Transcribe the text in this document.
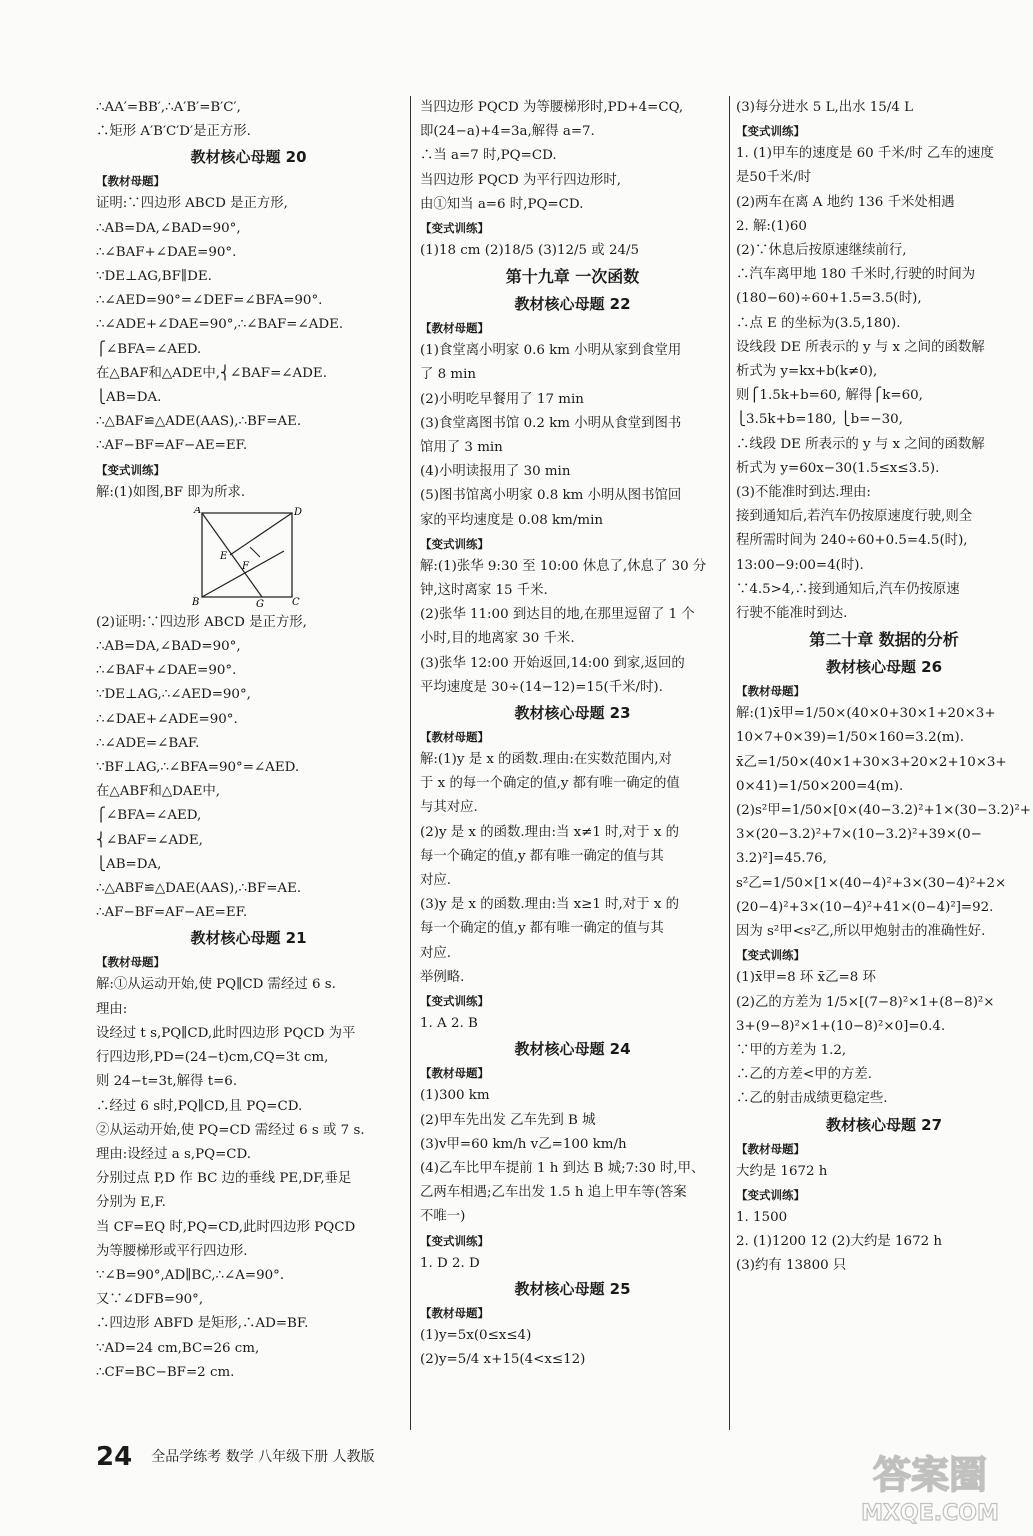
∴AA′=BB′,∴A′B′=B′C′,
∴矩形 A′B′C′D′是正方形.
教材核心母题 20
【教材母题】
证明:∵四边形 ABCD 是正方形,
∴AB=DA,∠BAD=90°,
∴∠BAF+∠DAE=90°.
∵DE⊥AG,BF∥DE.
∴∠AED=90°=∠DEF=∠BFA=90°.
∴∠ADE+∠DAE=90°,∴∠BAF=∠ADE.
⎧∠BFA=∠AED.
在△BAF和△ADE中,⎨∠BAF=∠ADE.
⎩AB=DA.
∴△BAF≌△ADE(AAS),∴BF=AE.
∴AF−BF=AF−AE=EF.
【变式训练】
解:(1)如图,BF 即为所求.
A	D
B	C
E
F
G
(2)证明:∵四边形 ABCD 是正方形,
∴AB=DA,∠BAD=90°,
∴∠BAF+∠DAE=90°.
∵DE⊥AG,∴∠AED=90°,
∴∠DAE+∠ADE=90°.
∴∠ADE=∠BAF.
∵BF⊥AG,∴∠BFA=90°=∠AED.
在△ABF和△DAE中,
⎧∠BFA=∠AED,
⎨∠BAF=∠ADE,
⎩AB=DA,
∴△ABF≌△DAE(AAS),∴BF=AE.
∴AF−BF=AF−AE=EF.
教材核心母题 21
【教材母题】
解:①从运动开始,使 PQ∥CD 需经过 6 s.
理由:
设经过 t s,PQ∥CD,此时四边形 PQCD 为平
行四边形,PD=(24−t)cm,CQ=3t cm,
则 24−t=3t,解得 t=6.
∴经过 6 s时,PQ∥CD,且 PQ=CD.
②从运动开始,使 PQ=CD 需经过 6 s 或 7 s.
理由:设经过 a s,PQ=CD.
分别过点 P,D 作 BC 边的垂线 PE,DF,垂足
分别为 E,F.
当 CF=EQ 时,PQ=CD,此时四边形 PQCD
为等腰梯形或平行四边形.
∵∠B=90°,AD∥BC,∴∠A=90°.
又∵∠DFB=90°,
∴四边形 ABFD 是矩形,∴AD=BF.
∵AD=24 cm,BC=26 cm,
∴CF=BC−BF=2 cm.
当四边形 PQCD 为等腰梯形时,PD+4=CQ,
即(24−a)+4=3a,解得 a=7.
∴当 a=7 时,PQ=CD.
当四边形 PQCD 为平行四边形时,
由①知当 a=6 时,PQ=CD.
【变式训练】
(1)18 cm (2)18/5 (3)12/5 或 24/5
第十九章 一次函数
教材核心母题 22
【教材母题】
(1)食堂离小明家 0.6 km 小明从家到食堂用
了 8 min
(2)小明吃早餐用了 17 min
(3)食堂离图书馆 0.2 km 小明从食堂到图书
馆用了 3 min
(4)小明读报用了 30 min
(5)图书馆离小明家 0.8 km 小明从图书馆回
家的平均速度是 0.08 km/min
【变式训练】
解:(1)张华 9:30 至 10:00 休息了,休息了 30 分
钟,这时离家 15 千米.
(2)张华 11:00 到达目的地,在那里逗留了 1 个
小时,目的地离家 30 千米.
(3)张华 12:00 开始返回,14:00 到家,返回的
平均速度是 30÷(14−12)=15(千米/时).
教材核心母题 23
【教材母题】
解:(1)y 是 x 的函数.理由:在实数范围内,对
于 x 的每一个确定的值,y 都有唯一确定的值
与其对应.
(2)y 是 x 的函数.理由:当 x≠1 时,对于 x 的
每一个确定的值,y 都有唯一确定的值与其
对应.
(3)y 是 x 的函数.理由:当 x≥1 时,对于 x 的
每一个确定的值,y 都有唯一确定的值与其
对应.
举例略.
【变式训练】
1. A 2. B
教材核心母题 24
【教材母题】
(1)300 km
(2)甲车先出发 乙车先到 B 城
(3)v甲=60 km/h v乙=100 km/h
(4)乙车比甲车提前 1 h 到达 B 城;7:30 时,甲、
乙两车相遇;乙车出发 1.5 h 追上甲车等(答案
不唯一)
【变式训练】
1. D 2. D
教材核心母题 25
【教材母题】
(1)y=5x(0≤x≤4)
(2)y=5/4 x+15(4<x≤12)
(3)每分进水 5 L,出水 15/4 L
【变式训练】
1. (1)甲车的速度是 60 千米/时 乙车的速度
是50千米/时
(2)两车在离 A 地约 136 千米处相遇
2. 解:(1)60
(2)∵休息后按原速继续前行,
∴汽车离甲地 180 千米时,行驶的时间为
(180−60)÷60+1.5=3.5(时),
∴点 E 的坐标为(3.5,180).
设线段 DE 所表示的 y 与 x 之间的函数解
析式为 y=kx+b(k≠0),
则⎧1.5k+b=60, 解得⎧k=60,
⎩3.5k+b=180, ⎩b=−30,
∴线段 DE 所表示的 y 与 x 之间的函数解
析式为 y=60x−30(1.5≤x≤3.5).
(3)不能准时到达.理由:
接到通知后,若汽车仍按原速度行驶,则全
程所需时间为 240÷60+0.5=4.5(时),
13:00−9:00=4(时).
∵4.5>4,∴接到通知后,汽车仍按原速
行驶不能准时到达.
第二十章 数据的分析
教材核心母题 26
【教材母题】
解:(1)x̄甲=1/50×(40×0+30×1+20×3+
10×7+0×39)=1/50×160=3.2(m).
x̄乙=1/50×(40×1+30×3+20×2+10×3+
0×41)=1/50×200=4(m).
(2)s²甲=1/50×[0×(40−3.2)²+1×(30−3.2)²+
3×(20−3.2)²+7×(10−3.2)²+39×(0−
3.2)²]=45.76,
s²乙=1/50×[1×(40−4)²+3×(30−4)²+2×
(20−4)²+3×(10−4)²+41×(0−4)²]=92.
因为 s²甲<s²乙,所以甲炮射击的准确性好.
【变式训练】
(1)x̄甲=8 环 x̄乙=8 环
(2)乙的方差为 1/5×[(7−8)²×1+(8−8)²×
3+(9−8)²×1+(10−8)²×0]=0.4.
∵甲的方差为 1.2,
∴乙的方差<甲的方差.
∴乙的射击成绩更稳定些.
教材核心母题 27
【教材母题】
大约是 1672 h
【变式训练】
1. 1500
2. (1)1200 12 (2)大约是 1672 h
(3)约有 13800 只
24 全品学练考 数学 八年级下册 人教版	答案圈
MXQE.COM
